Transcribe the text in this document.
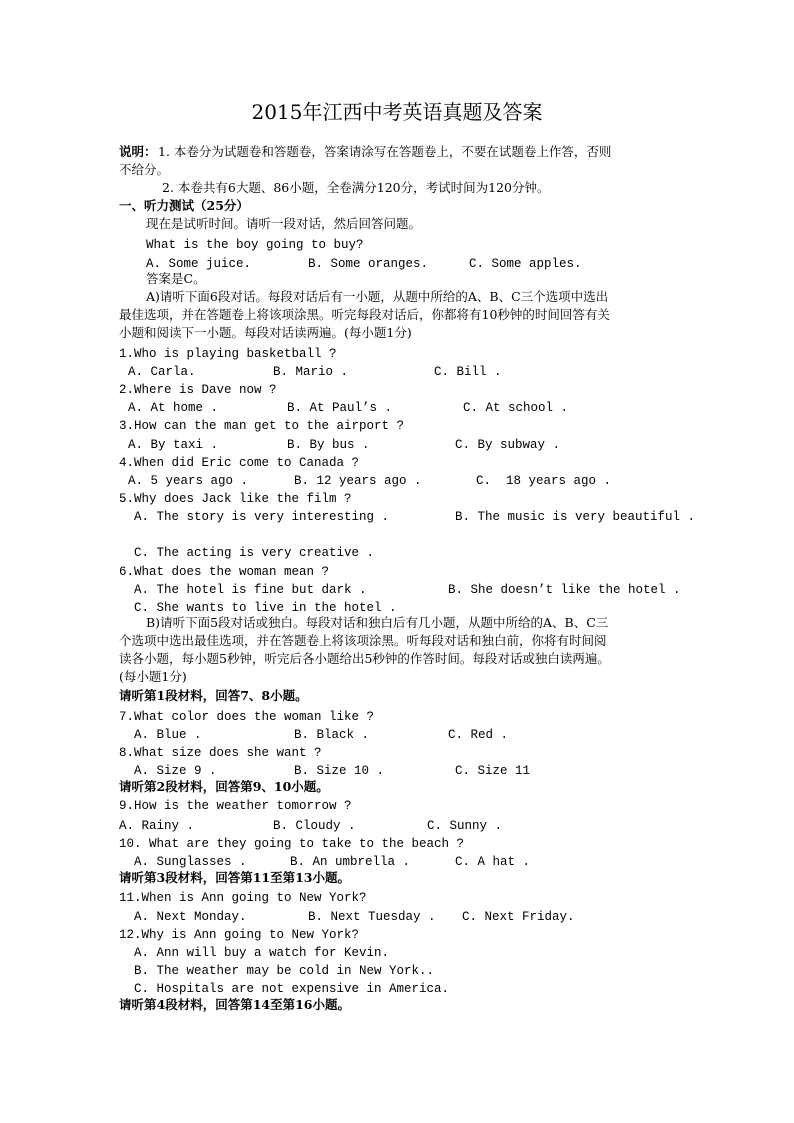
2015年江西中考英语真题及答案
说明： 1. 本卷分为试题卷和答题卷，答案请涂写在答题卷上，不要在试题卷上作答，否则
不给分。
2. 本卷共有6大题、86小题，全卷满分120分，考试时间为120分钟。
一、听力测试（25分）
现在是试听时间。请听一段对话，然后回答问题。
What is the boy going to buy?
A. Some juice.	B. Some oranges.	C. Some apples.
答案是C。
A)请听下面6段对话。每段对话后有一小题，从题中所给的A、B、C三个选项中选出
最佳选项，并在答题卷上将该项涂黑。听完每段对话后，你都将有10秒钟的时间回答有关
小题和阅读下一小题。每段对话读两遍。(每小题1分)
1.Who is playing basketball ?
A. Carla.	B. Mario .	C. Bill .
2.Where is Dave now ?
A. At home .	B. At Paul’s .	C. At school .
3.How can the man get to the airport ?
A. By taxi .	B. By bus .	C. By subway .
4.When did Eric come to Canada ?
A. 5 years ago .	B. 12 years ago .	C.  18 years ago .
5.Why does Jack like the film ?
A. The story is very interesting .	B. The music is very beautiful .
C. The acting is very creative .
6.What does the woman mean ?
A. The hotel is fine but dark .	B. She doesn’t like the hotel .
C. She wants to live in the hotel .
B)请听下面5段对话或独白。每段对话和独白后有几小题，从题中所给的A、B、C三
个选项中选出最佳选项，并在答题卷上将该项涂黑。听每段对话和独白前，你将有时间阅
读各小题，每小题5秒钟，听完后各小题给出5秒钟的作答时间。每段对话或独白读两遍。
(每小题1分)
请听第1段材料，回答7、8小题。
7.What color does the woman like ?
A. Blue .	B. Black .	C. Red .
8.What size does she want ?
A. Size 9 .	B. Size 10 .	C. Size 11
请听第2段材料，回答第9、10小题。
9.How is the weather tomorrow ?
A. Rainy .	B. Cloudy .	C. Sunny .
10. What are they going to take to the beach ?
A. Sunglasses .	B. An umbrella .	C. A hat .
请听第3段材料，回答第11至第13小题。
11.When is Ann going to New York?
A. Next Monday.	B. Next Tuesday . C. Next Friday.
12.Why is Ann going to New York?
A. Ann will buy a watch for Kevin.
B. The weather may be cold in New York..
C. Hospitals are not expensive in America.
请听第4段材料，回答第14至第16小题。
